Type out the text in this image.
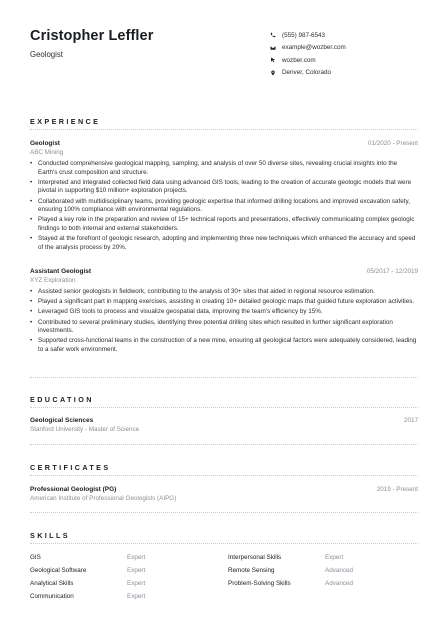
Cristopher Leffler
Geologist
(555) 987-6543
example@wozber.com
wozber.com
Denver, Colorado
EXPERIENCE
Geologist	01/2020 - Present
ABC Mining
• Conducted comprehensive geological mapping, sampling, and analysis of over 50 diverse sites, revealing crucial insights into the Earth's crust composition and structure.
• Interpreted and integrated collected field data using advanced GIS tools, leading to the creation of accurate geologic models that were pivotal in supporting $10 million+ exploration projects.
• Collaborated with multidisciplinary teams, providing geologic expertise that informed drilling locations and improved excavation safety, ensuring 100% compliance with environmental regulations.
• Played a key role in the preparation and review of 15+ technical reports and presentations, effectively communicating complex geologic findings to both internal and external stakeholders.
• Stayed at the forefront of geologic research, adopting and implementing three new techniques which enhanced the accuracy and speed of the analysis process by 20%.
Assistant Geologist	05/2017 - 12/2019
XYZ Exploration
• Assisted senior geologists in fieldwork, contributing to the analysis of 30+ sites that aided in regional resource estimation.
• Played a significant part in mapping exercises, assisting in creating 10+ detailed geologic maps that guided future exploration activities.
• Leveraged GIS tools to process and visualize geospatial data, improving the team's efficiency by 15%.
• Contributed to several preliminary studies, identifying three potential drilling sites which resulted in further significant exploration investments.
• Supported cross-functional teams in the construction of a new mine, ensuring all geological factors were adequately considered, leading to a safer work environment.
EDUCATION
Geological Sciences	2017
Stanford University - Master of Science
CERTIFICATES
Professional Geologist (PG)	2019 - Present
American Institute of Professional Geologists (AIPG)
SKILLS
GIS	Expert
Geological Software	Expert
Analytical Skills	Expert
Communication	Expert
Interpersonal Skills	Expert
Remote Sensing	Advanced
Problem-Solving Skills	Advanced
